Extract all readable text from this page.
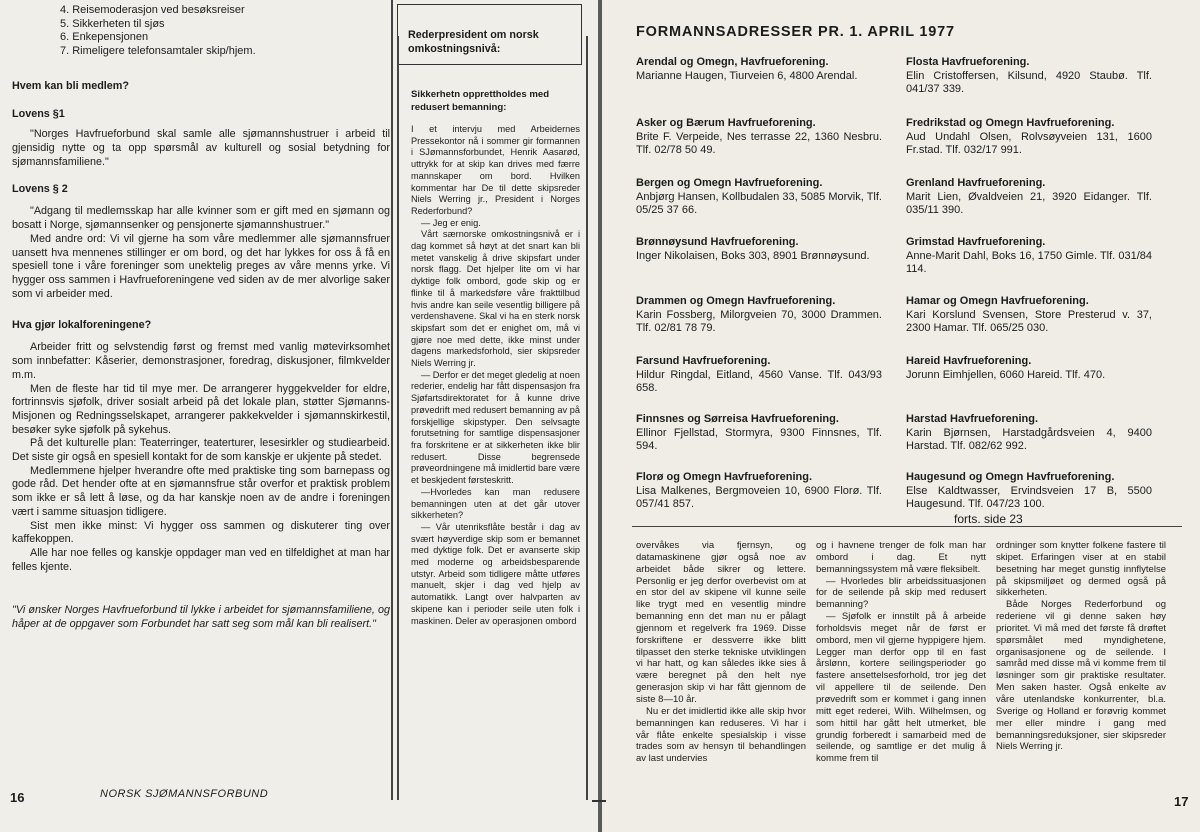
4. Reisemoderasjon ved besøksreiser
5. Sikkerheten til sjøs
6. Enkepensjonen
7. Rimeligere telefonsamtaler skip/hjem.
Hvem kan bli medlem?
Lovens §1

"Norges Havfrueforbund skal samle alle sjømannshustruer i arbeid til gjensidig nytte og ta opp spørsmål av kulturell og sosial betydning for sjømannsfamiliene."

Lovens § 2

"Adgang til medlemsskap har alle kvinner som er gift med en sjømann og bosatt i Norge, sjømannsenker og pensjonerte sjømannshustruer."

Med andre ord: Vi vil gjerne ha som våre medlemmer alle sjømannsfruer uansett hva mennenes stillinger er om bord, og det har lykkes for oss å få en spesiell tone i våre foreninger som unektelig preges av våre menns yrke. Vi hygger oss sammen i Havfrueforeningene ved siden av de mer alvorlige saker som vi arbeider med.

Hva gjør lokalforeningene?

Arbeider fritt og selvstendig først og fremst med vanlig møtevirksomhet som innbefatter: Kåserier, demonstrasjoner, foredrag, diskusjoner, filmkvelder m.m.

Men de fleste har tid til mye mer. De arrangerer hyggekvelder for eldre, fortrinnsvis sjøfolk, driver sosialt arbeid på det lokale plan, støtter Sjømanns-Misjonen og Redningsselskapet, arrangerer pakkekvelder i sjømannskirkestil, besøker syke sjøfolk på sykehus.

På det kulturelle plan: Teaterringer, teaterturer, lesesirkler og studiearbeid. Det siste gir også en spesiell kontakt for de som kanskje er ukjente på stedet.

Medlemmene hjelper hverandre ofte med praktiske ting som barnepass og gode råd. Det hender ofte at en sjømannsfrue står overfor et praktisk problem som ikke er så lett å løse, og da har kanskje noen av de andre i foreningen vært i samme situasjon tidligere.

Sist men ikke minst: Vi hygger oss sammen og diskuterer ting over kaffekoppen.

Alle har noe felles og kanskje oppdager man ved en tilfeldighet at man har felles kjente.

"Vi ønsker Norges Havfrueforbund til lykke i arbeidet for sjømannsfamiliene, og håper at de oppgaver som Forbundet har satt seg som mål kan bli realisert."

NORSK SJØMANNSFORBUND
16
Rederpresident om norsk omkostningsnivå:
Sikkerhetn opprettholdes med redusert bemanning:

I et intervju med Arbeidernes Pressekontor nå i sommer gir formannen i SJømannsforbundet, Henrik Aasarød, uttrykk for at skip kan drives med færre mannskaper om bord. Hvilken kommentar har De til dette skipsreder Niels Werring jr., President i Norges Rederforbund?

— Jeg er enig.

Vårt særnorske omkostningsnivå er i dag kommet så høyt at det snart kan bli metet vanskelig å drive skipsfart under norsk flagg. Det hjelper lite om vi har dyktige folk ombord, gode skip og er flinke til å markedsføre våre frakttilbud hvis andre kan seile vesentlig billigere på verdenshavene. Skal vi ha en sterk norsk skipsfart som det er enighet om, må vi gjøre noe med dette, ikke minst under dagens markedsforhold, sier skipsreder Niels Werring jr.

— Derfor er det meget gledelig at noen rederier, endelig har fått dispensasjon fra Sjøfartsdirektoratet for å kunne drive prøvedrift med redusert bemanning av på forskjellige skipstyper. Den selvsagte forutsetning for samtlige dispensasjoner fra forskritene er at sikkerheten ikke blir redusert. Disse begrensede prøveordningene må imidlertid bare være et beskjedent førsteskritt.

—Hvorledes kan man redusere bemanningen uten at det går utover sikkerheten?

— Vår utenriksflåte består i dag av svært høyverdige skip som er bemannet med dyktige folk. Det er avanserte skip med moderne og arbeidsbesparende utstyr. Arbeid som tidligere måtte utføres manuelt, skjer i dag ved hjelp av automatikk. Langt over halvparten av skipene kan i perioder seile uten folk i maskinen. Deler av operasjonen ombord

FORMANNSADRESSER PR. 1. APRIL 1977
Arendal og Omegn, Havfrueforening.
Marianne Haugen, Tiurveien 6, 4800 Arendal.
Asker og Bærum Havfrueforening.
Brite F. Verpeide, Nes terrasse 22, 1360 Nesbru. Tlf. 02/78 50 49.
Bergen og Omegn Havfrueforening.
Anbjørg Hansen, Kollbudalen 33, 5085 Morvik, Tlf. 05/25 37 66.
Brønnøysund Havfrueforening.
Inger Nikolaisen, Boks 303, 8901 Brønnøysund.
Drammen og Omegn Havfrueforening.
Karin Fossberg, Milorgveien 70, 3000 Drammen. Tlf. 02/81 78 79.
Farsund Havfrueforening.
Hildur Ringdal, Eitland, 4560 Vanse. Tlf. 043/93 658.
Finnsnes og Sørreisa Havfrueforening.
Ellinor Fjellstad, Stormyra, 9300 Finnsnes, Tlf. 594.
Florø og Omegn Havfrueforening.
Lisa Malkenes, Bergmoveien 10, 6900 Florø. Tlf. 057/41 857.
Flosta Havfrueforening.
Elin Cristoffersen, Kilsund, 4920 Staubø. Tlf. 041/37 339.
Fredrikstad og Omegn Havfrueforening.
Aud Undahl Olsen, Rolvsøyveien 131, 1600 Fr.stad. Tlf. 032/17 991.
Grenland Havfrueforening.
Marit Lien, Øvaldveien 21, 3920 Eidanger. Tlf. 035/11 390.
Grimstad Havfrueforening.
Anne-Marit Dahl, Boks 16, 1750 Gimle. Tlf. 031/84 114.
Hamar og Omegn Havfrueforening.
Kari Korslund Svensen, Store Presterud v. 37, 2300 Hamar. Tlf. 065/25 030.
Hareid Havfrueforening.
Jorunn Eimhjellen, 6060 Hareid. Tlf. 470.
Harstad Havfrueforening.
Karin Bjørnsen, Harstadgårdsveien 4, 9400 Harstad. Tlf. 082/62 992.
Haugesund og Omegn Havfrueforening.
Else Kaldtwasser, Ervindsveien 17 B, 5500 Haugesund. Tlf. 047/23 100.
forts. side 23

overvåkes via fjernsyn, og datamaskinene gjør også noe av arbeidet både sikrer og lettere. Personlig er jeg derfor overbevist om at en stor del av skipene vil kunne seile like trygt med en vesentlig mindre bemanning enn det man nu er pålagt gjennom et regelverk fra 1969. Disse forskriftene er dessverre ikke blitt tilpasset den sterke tekniske utviklingen vi har hatt, og kan således ikke sies å være beregnet på den helt nye generasjon skip vi har fått gjennom de siste 8—10 år.

Nu er det imidlertid ikke alle skip hvor bemanningen kan reduseres. Vi har i vår flåte enkelte spesialskip i visse trades som av hensyn til behandlingen av last undervies

og i havnene trenger de folk man har ombord i dag. Et nytt bemanningssystem må være fleksibelt.

— Hvorledes blir arbeidssituasjonen for de seilende på skip med redusert bemanning?

— Sjøfolk er innstilt på å arbeide forholdsvis meget når de først er ombord, men vil gjerne hyppigere hjem. Legger man derfor opp til en fast årslønn, kortere seilingsperioder go fastere ansettelsesforhold, tror jeg det vil appellere til de seilende. Den prøvedrift som er kommet i gang innen mitt eget rederei, Wilh. Wilhelmsen, og som hittil har gått helt utmerket, ble grundig forberedt i samarbeid med de seilende, og samtlige er det mulig å komme frem til

ordninger som knytter folkene fastere til skipet. Erfaringen viser at en stabil besetning har meget gunstig innflytelse på skipsmiljøet og dermed også på sikkerheten.

Både Norges Rederforbund og rederiene vil gi denne saken høy prioritet. Vi må med det første få drøftet spørsmålet med myndighetene, organisasjonene og de seilende. I samråd med disse må vi komme frem til løsninger som gir praktiske resultater. Men saken haster. Også enkelte av våre utenlandske konkurrenter, bl.a. Sverige og Holland er forøvrig kommet mer eller mindre i gang med bemanningsreduksjoner, sier skipsreder Niels Werring jr.

17
